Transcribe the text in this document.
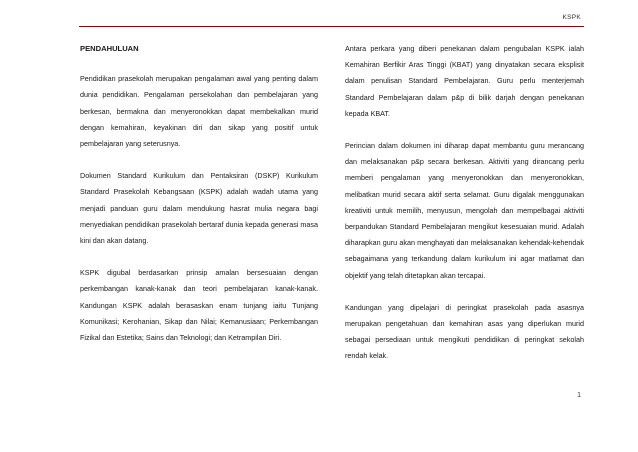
KSPK
PENDAHULUAN

Pendidikan prasekolah merupakan pengalaman awal yang penting dalam dunia pendidikan. Pengalaman persekolahan dan pembelajaran yang berkesan, bermakna dan menyeronokkan dapat membekalkan murid dengan kemahiran, keyakinan diri dan sikap yang positif untuk pembelajaran yang seterusnya.

Dokumen Standard Kurikulum dan Pentaksiran (DSKP) Kurikulum Standard Prasekolah Kebangsaan (KSPK) adalah wadah utama yang menjadi panduan guru dalam mendukung hasrat mulia negara bagi menyediakan pendidikan prasekolah bertaraf dunia kepada generasi masa kini dan akan datang.

KSPK digubal berdasarkan prinsip amalan bersesuaian dengan perkembangan kanak-kanak dan teori pembelajaran kanak-kanak. Kandungan KSPK adalah berasaskan enam tunjang iaitu Tunjang Komunikasi; Kerohanian, Sikap dan Nilai; Kemanusiaan; Perkembangan Fizikal dan Estetika; Sains dan Teknologi; dan Ketrampilan Diri.

Antara perkara yang diberi penekanan dalam pengubalan KSPK ialah Kemahiran Berfikir Aras Tinggi (KBAT) yang dinyatakan secara eksplisit dalam penulisan Standard Pembelajaran. Guru perlu menterjemah Standard Pembelajaran dalam p&p di bilik darjah dengan penekanan kepada KBAT.

Perincian dalam dokumen ini diharap dapat membantu guru merancang dan melaksanakan p&p secara berkesan. Aktiviti yang dirancang perlu memberi pengalaman yang menyeronokkan dan menyeronokkan, melibatkan murid secara aktif serta selamat. Guru digalak menggunakan kreativiti untuk memilih, menyusun, mengolah dan mempelbagai aktiviti berpandukan Standard Pembelajaran mengikut kesesuaian murid. Adalah diharapkan guru akan menghayati dan melaksanakan kehendak-kehendak sebagaimana yang terkandung dalam kurikulum ini agar matlamat dan objektif yang telah ditetapkan akan tercapai.

Kandungan yang dipelajari di peringkat prasekolah pada asasnya merupakan pengetahuan dan kemahiran asas yang diperlukan murid sebagai persediaan untuk mengikuti pendidikan di peringkat sekolah rendah kelak.

1
